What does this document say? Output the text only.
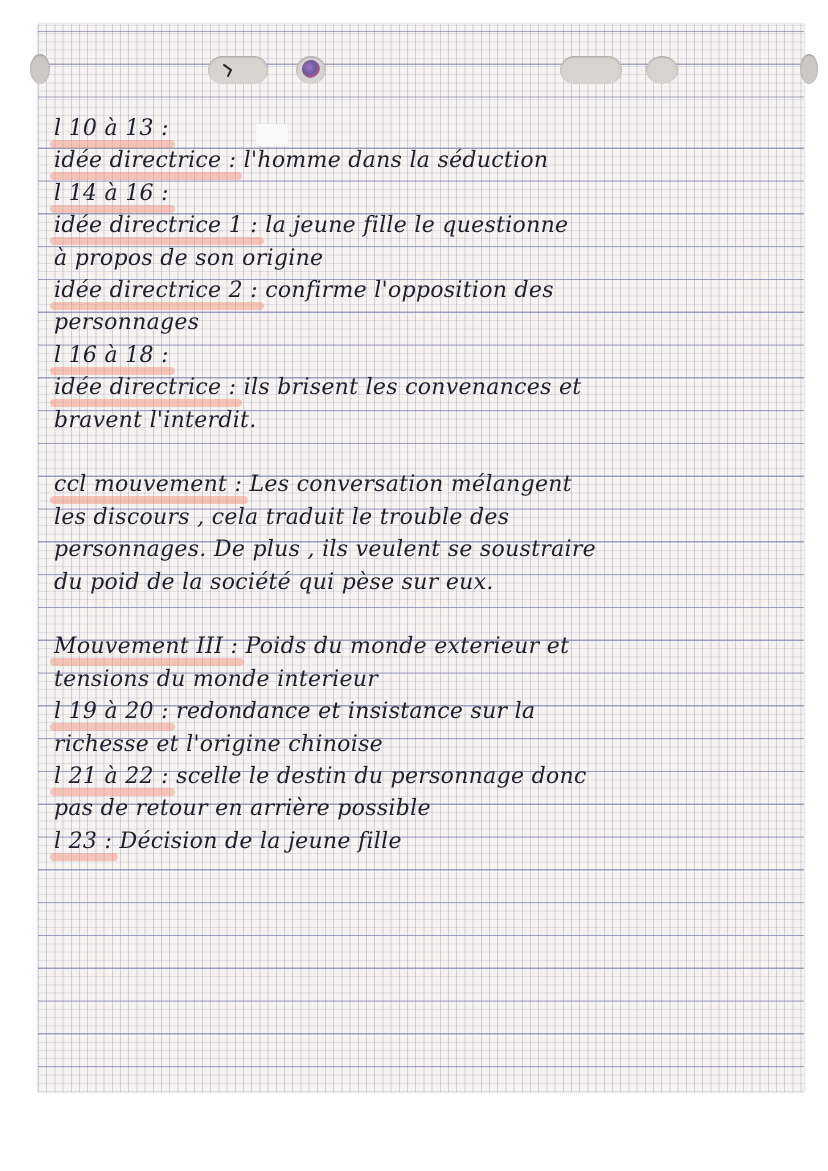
l 10 à 13 :
idée directrice : l'homme dans la séduction
l 14 à 16 :
idée directrice 1 : la jeune fille le questionne
à propos de son origine
idée directrice 2 : confirme l'opposition des
personnages
l 16 à 18 :
idée directrice : ils brisent les convenances et
bravent l'interdit.
ccl mouvement : Les conversation mélangent
les discours , cela traduit le trouble des
personnages. De plus , ils veulent se soustraire
du poid de la société qui pèse sur eux.
Mouvement III : Poids du monde exterieur et
tensions du monde interieur
l 19 à 20 : redondance et insistance sur la
richesse et l'origine chinoise
l 21 à 22 : scelle le destin du personnage donc
pas de retour en arrière possible
l 23 : Décision de la jeune fille
